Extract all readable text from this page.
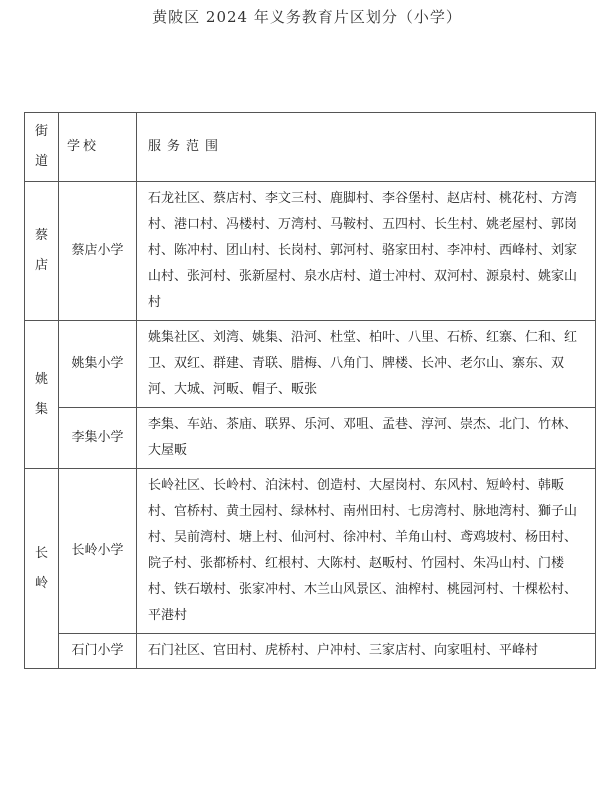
黄陂区 2024 年义务教育片区划分（小学）
街道	学校	服务范围
蔡店	蔡店小学	石龙社区、蔡店村、李文三村、鹿脚村、李谷堡村、赵店村、桃花村、方湾村、港口村、冯楼村、万湾村、马鞍村、五四村、长生村、姚老屋村、郭岗村、陈冲村、团山村、长岗村、郭河村、骆家田村、李冲村、西峰村、刘家山村、张河村、张新屋村、泉水店村、道士冲村、双河村、源泉村、姚家山村

姚集	姚集小学	姚集社区、刘湾、姚集、沿河、杜堂、柏叶、八里、石桥、红寨、仁和、红卫、双红、群建、青联、腊梅、八角门、牌楼、长冲、老尔山、寨东、双河、大城、河畈、帽子、畈张

	李集小学	李集、车站、茶庙、联界、乐河、邓咀、孟巷、淳河、崇杰、北门、竹林、大屋畈

长岭	长岭小学	长岭社区、长岭村、泊沫村、创造村、大屋岗村、东风村、短岭村、韩畈村、官桥村、黄土园村、绿林村、南州田村、七房湾村、脉地湾村、獅子山村、吴前湾村、塘上村、仙河村、徐冲村、羊角山村、鸢鸡坡村、杨田村、院子村、张都桥村、红根村、大陈村、赵畈村、竹园村、朱冯山村、门楼村、铁石墩村、张家冲村、木兰山风景区、油榨村、桃园河村、十棵松村、平港村

	石门小学	石门社区、官田村、虎桥村、户冲村、三家店村、向家咀村、平峰村
